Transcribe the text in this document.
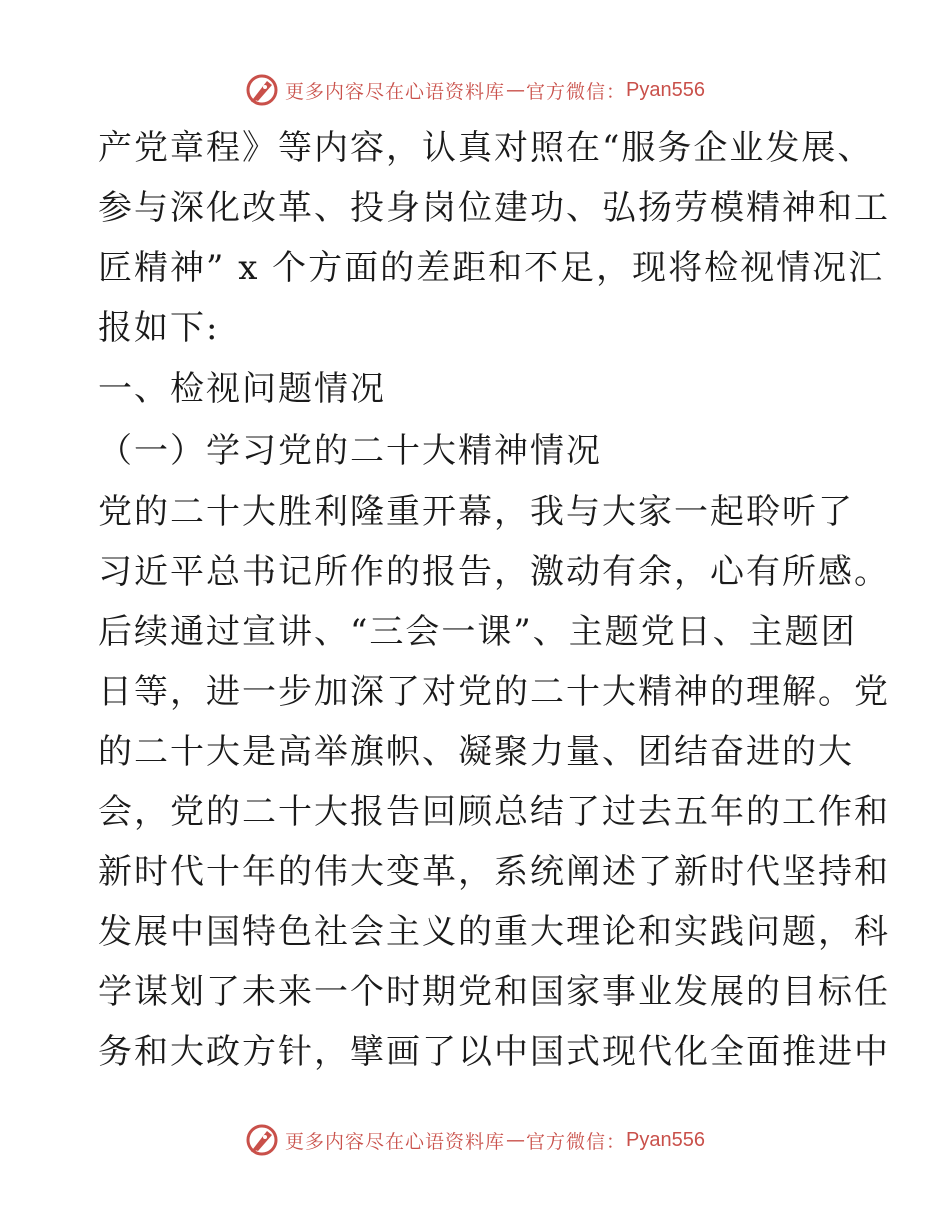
更多内容尽在心语资料库 — 官方微信： Pyan556
产党章程》等内容，认真对照在“服务企业发展、
参与深化改革、投身岗位建功、弘扬劳模精神和工
匠精神” x 个方面的差距和不足，现将检视情况汇
报如下:
一、检视问题情况
（一）学习党的二十大精神情况
党的二十大胜利隆重开幕，我与大家一起聆听了
习近平总书记所作的报告，激动有余，心有所感。
后续通过宣讲、“三会一课”、主题党日、主题团
日等，进一步加深了对党的二十大精神的理解。党
的二十大是高举旗帜、凝聚力量、团结奋进的大
会，党的二十大报告回顾总结了过去五年的工作和
新时代十年的伟大变革，系统阐述了新时代坚持和
发展中国特色社会主义的重大理论和实践问题，科
学谋划了未来一个时期党和国家事业发展的目标任
务和大政方针，擘画了以中国式现代化全面推进中
更多内容尽在心语资料库 — 官方微信： Pyan556
